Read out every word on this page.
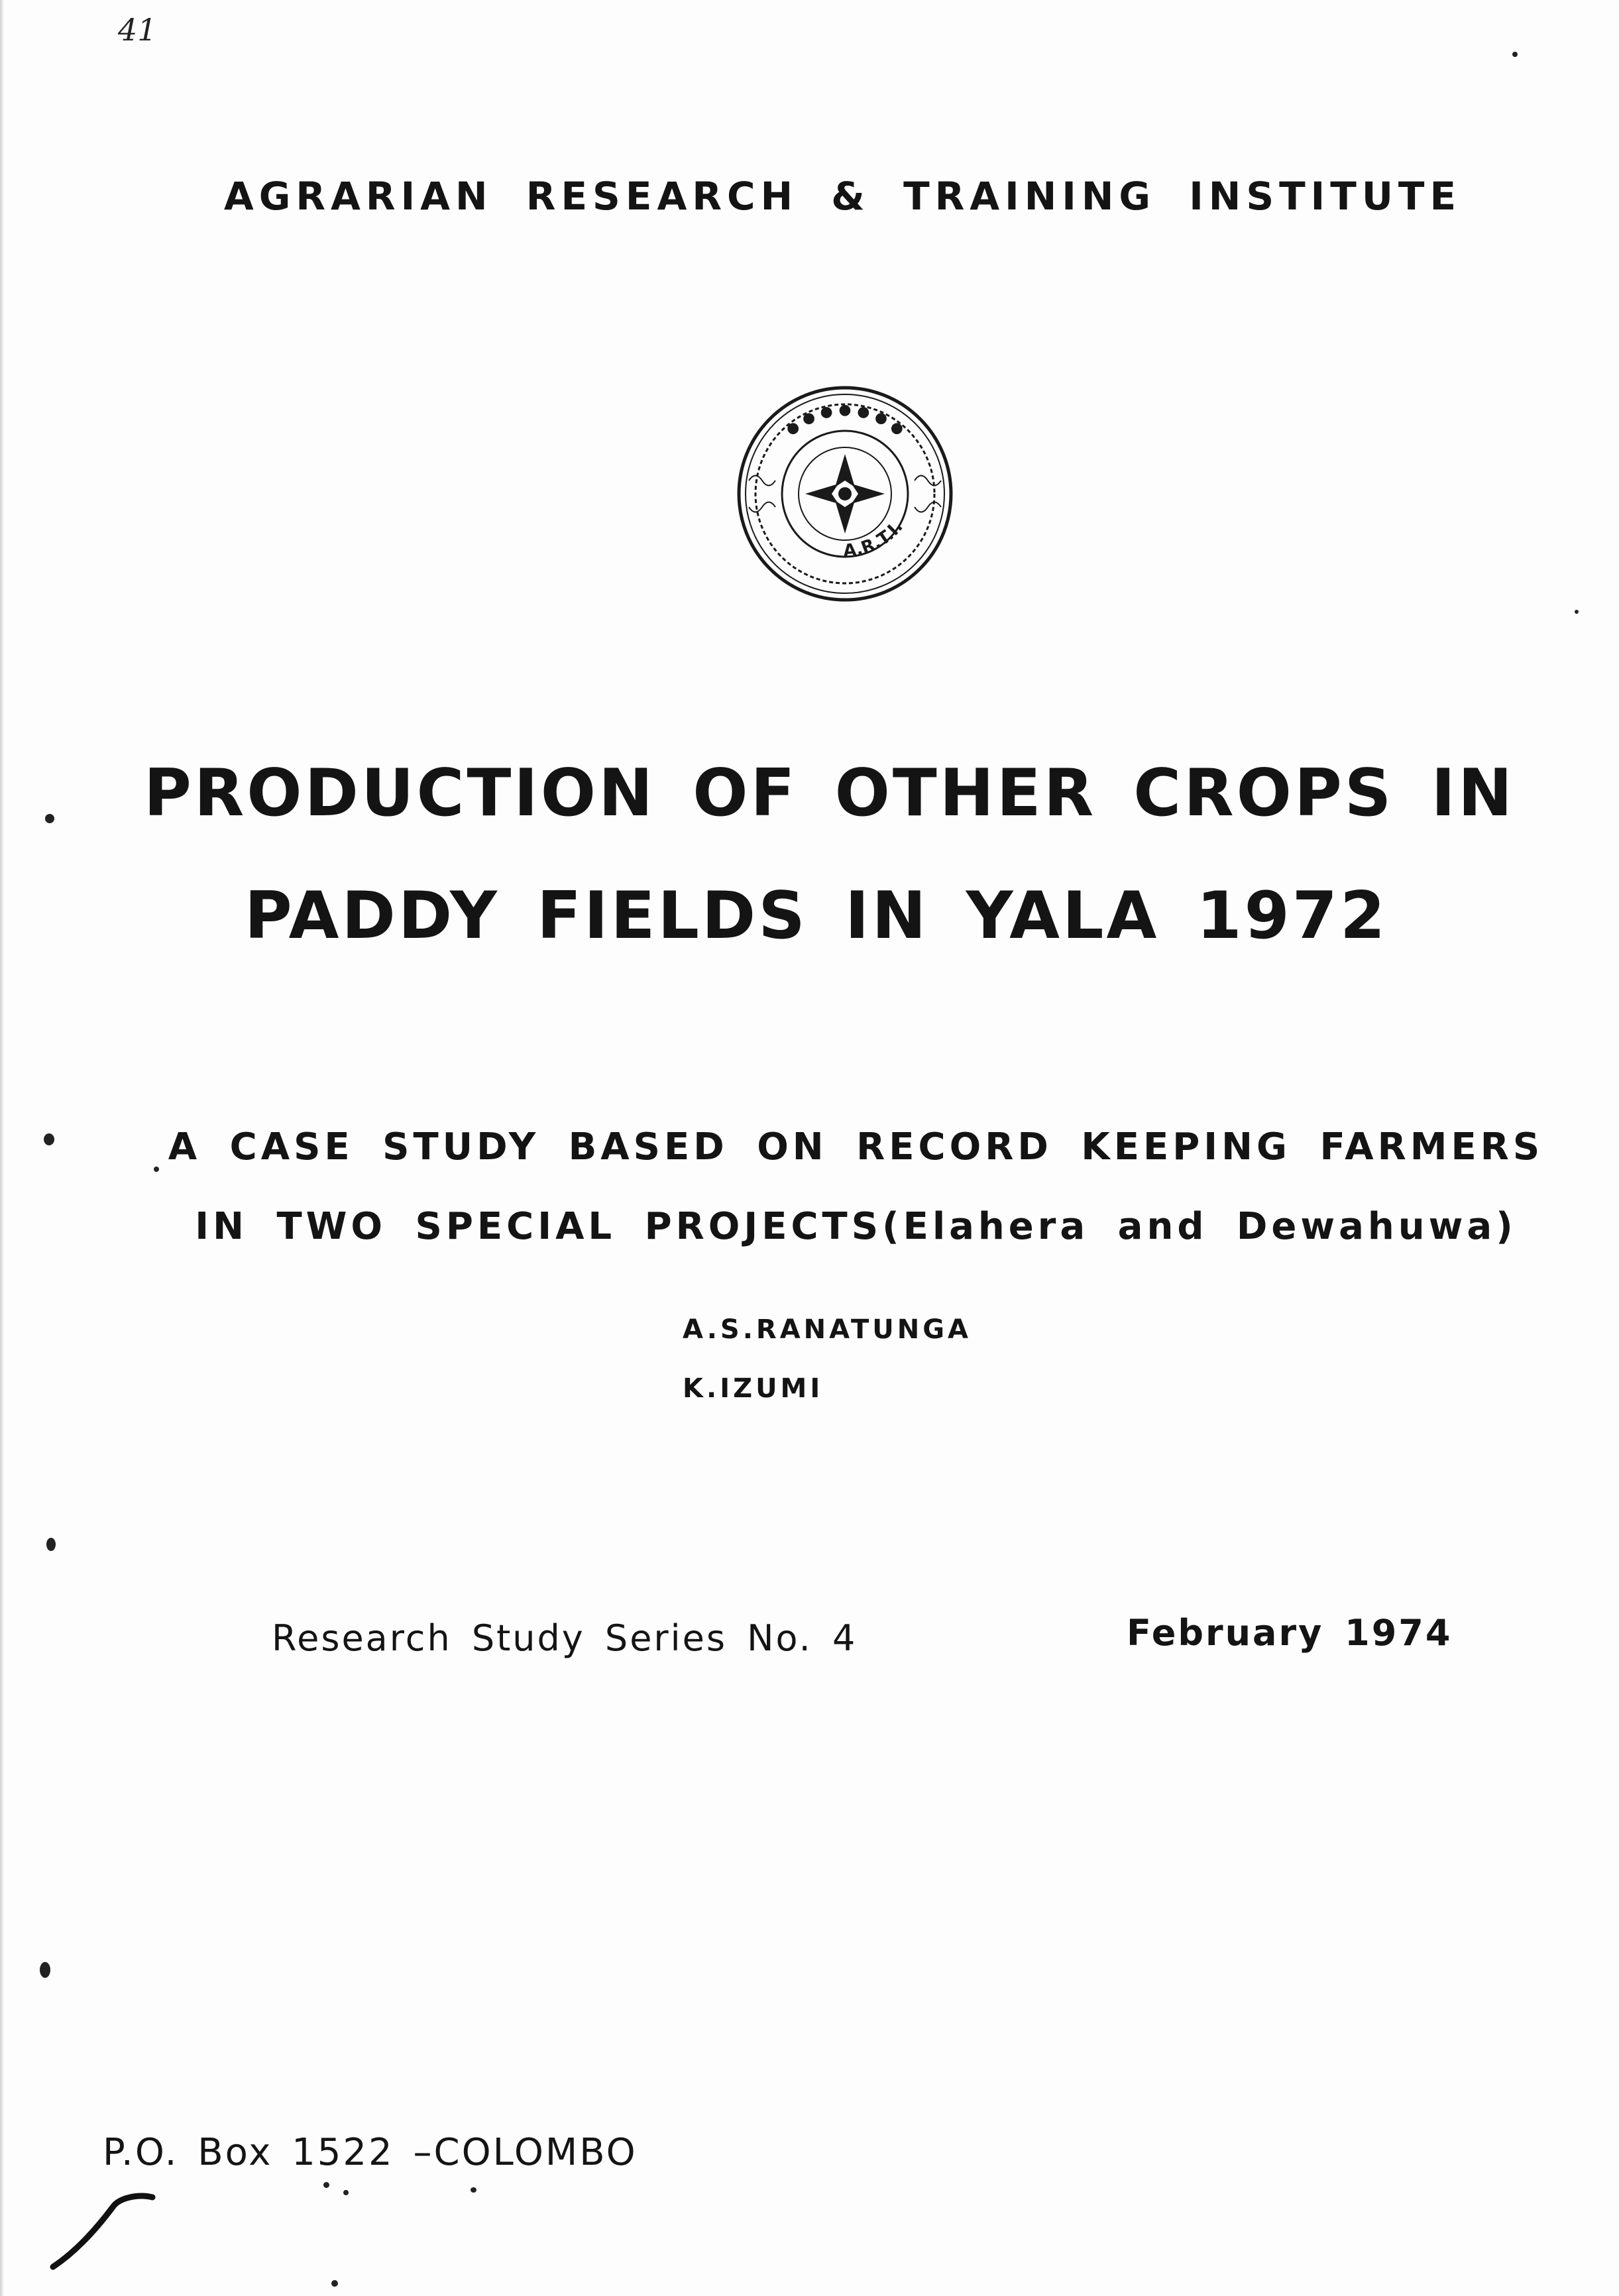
41
AGRARIAN RESEARCH & TRAINING INSTITUTE
● ● ● ● ● ● ●
A.R.T.I.
PRODUCTION OF OTHER CROPS IN
PADDY FIELDS IN YALA 1972
A CASE STUDY BASED ON RECORD KEEPING FARMERS
IN TWO SPECIAL PROJECTS(Elahera and Dewahuwa)
A.S.RANATUNGA
K.IZUMI
Research Study Series No. 4	February 1974
P.O. Box 1522 –COLOMBO
